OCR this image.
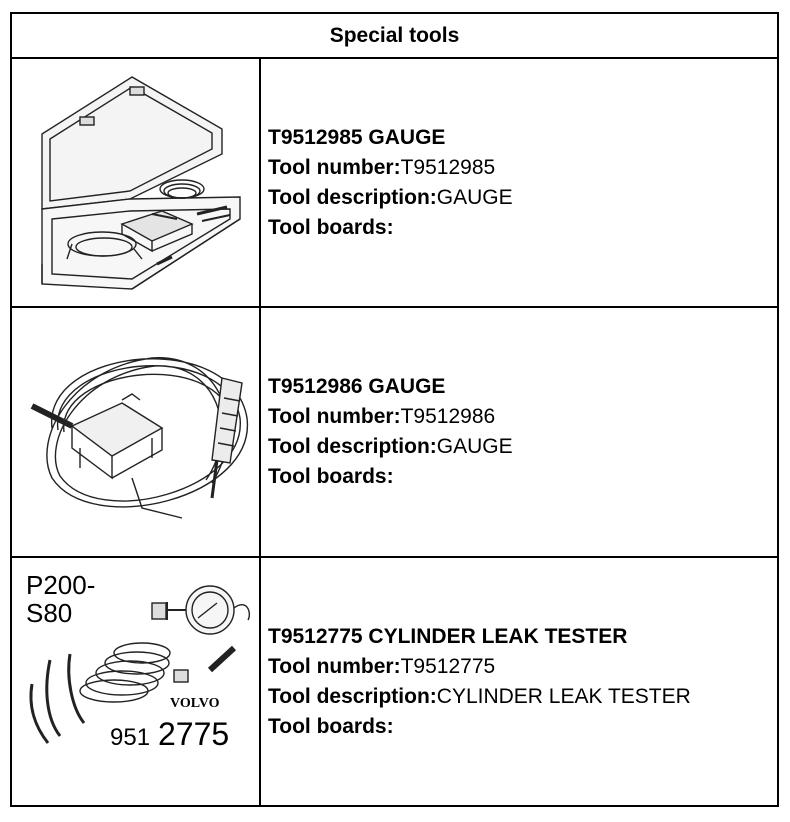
Special tools
T9512985 GAUGE
Tool number:T9512985
Tool description:GAUGE
Tool boards:
T9512986 GAUGE
Tool number:T9512986
Tool description:GAUGE
Tool boards:
P200-
S80
VOLVO
951 2775
T9512775 CYLINDER LEAK TESTER
Tool number:T9512775
Tool description:CYLINDER LEAK TESTER
Tool boards:
